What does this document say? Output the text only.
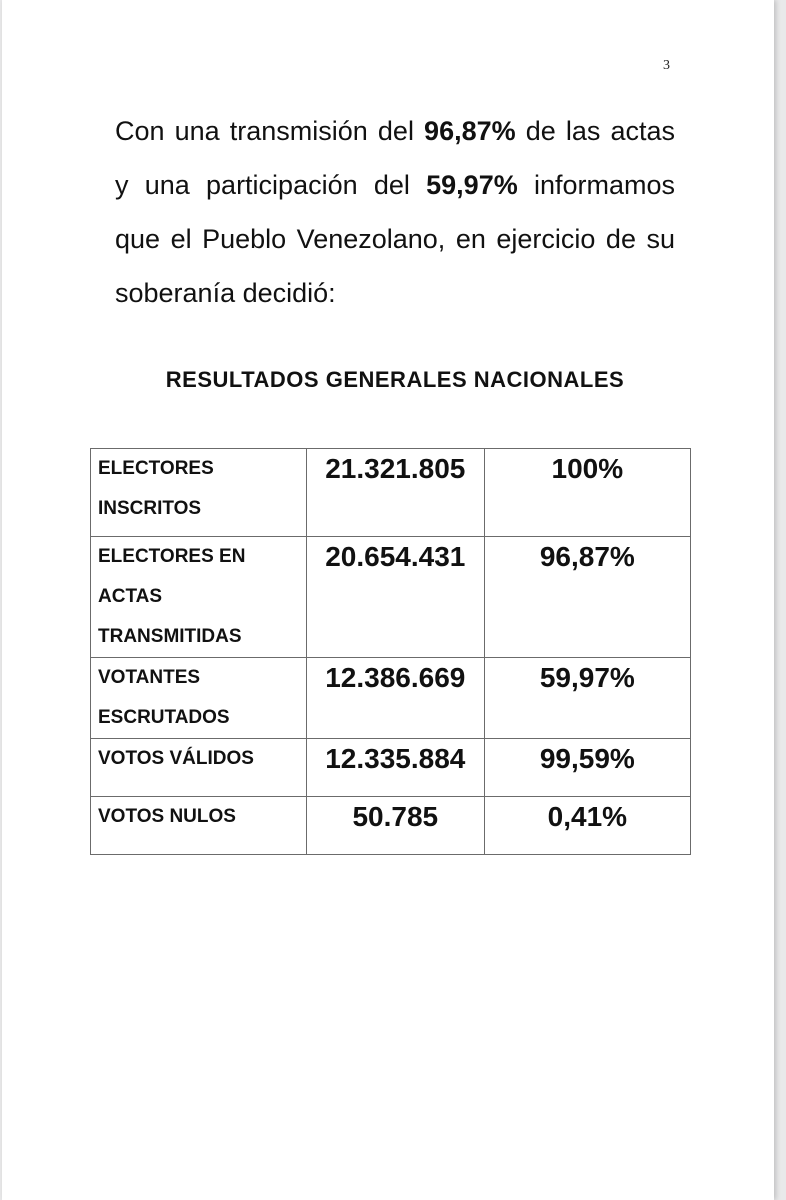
3
Con una transmisión del 96,87% de las actas
y una participación del 59,97% informamos
que el Pueblo Venezolano, en ejercicio de su
soberanía decidió:
RESULTADOS GENERALES NACIONALES
ELECTORES INSCRITOS	21.321.805	100%

ELECTORES EN ACTAS TRANSMITIDAS	20.654.431	96,87%

VOTANTES ESCRUTADOS	12.386.669	59,97%

VOTOS VÁLIDOS	12.335.884	99,59%

VOTOS NULOS	50.785	0,41%
